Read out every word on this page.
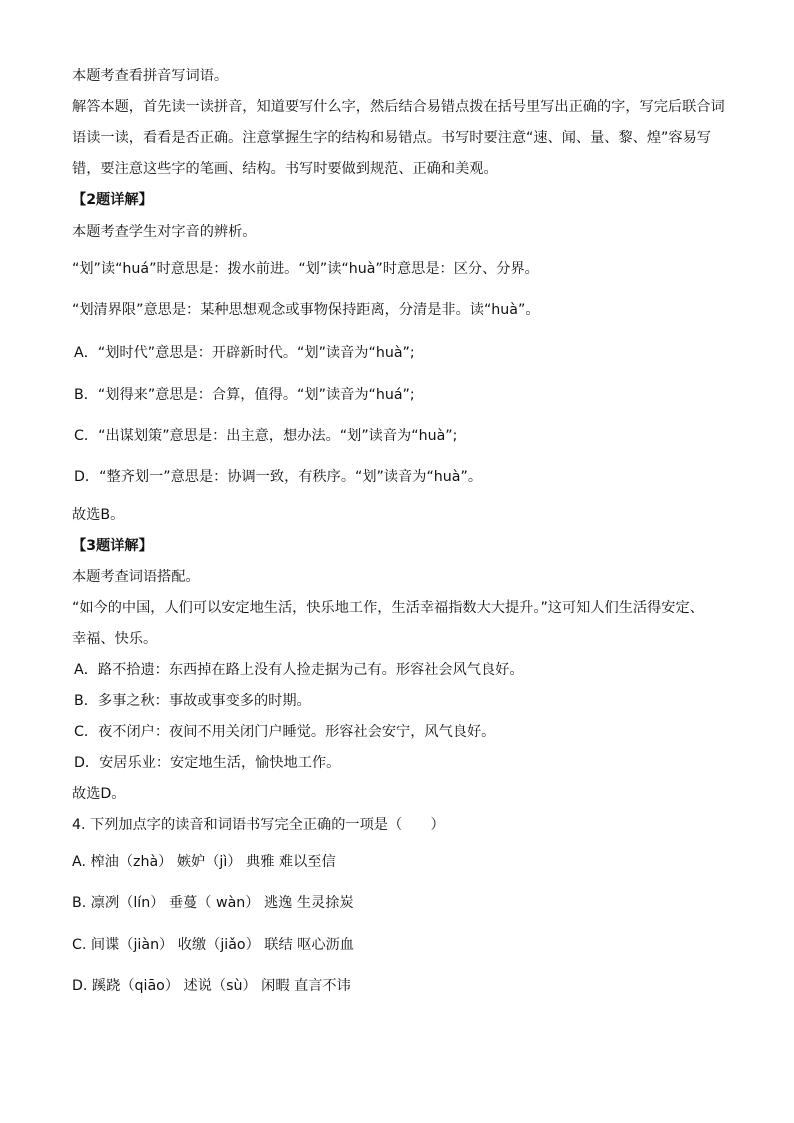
本题考查看拼音写词语。
解答本题，首先读一读拼音，知道要写什么字，然后结合易错点拨在括号里写出正确的字，写完后联合词
语读一读，看看是否正确。注意掌握生字的结构和易错点。书写时要注意“速、闻、量、黎、煌”容易写
错，要注意这些字的笔画、结构。书写时要做到规范、正确和美观。
【2题详解】
本题考查学生对字音的辨析。
“划”读“huá”时意思是：拨水前进。“划”读“huà”时意思是：区分、分界。
“划清界限”意思是：某种思想观念或事物保持距离，分清是非。读“huà”。
A．“划时代”意思是：开辟新时代。“划”读音为“huà”;
B．“划得来”意思是：合算，值得。“划”读音为“huá”;
C．“出谋划策”意思是：出主意，想办法。“划”读音为“huà”;
D．“整齐划一”意思是：协调一致，有秩序。“划”读音为“huà”。
故选B。
【3题详解】
本题考查词语搭配。
“如今的中国，人们可以安定地生活，快乐地工作，生活幸福指数大大提升。”这可知人们生活得安定、
幸福、快乐。
A．路不拾遗：东西掉在路上没有人捡走据为己有。形容社会风气良好。
B．多事之秋：事故或事变多的时期。
C．夜不闭户：夜间不用关闭门户睡觉。形容社会安宁，风气良好。
D．安居乐业：安定地生活，愉快地工作。
故选D。
4. 下列加点字的读音和词语书写完全正确的一项是（　　）
A. 榨油（zhà） 嫉妒（jì） 典雅 难以至信
B. 凛冽（lín） 垂蔓（ wàn） 逃逸 生灵捈炭
C. 间谍（jiàn） 收缴（jiǎo） 联结 呕心沥血
D. 蹊跷（qiāo） 述说（sù） 闲暇 直言不讳
